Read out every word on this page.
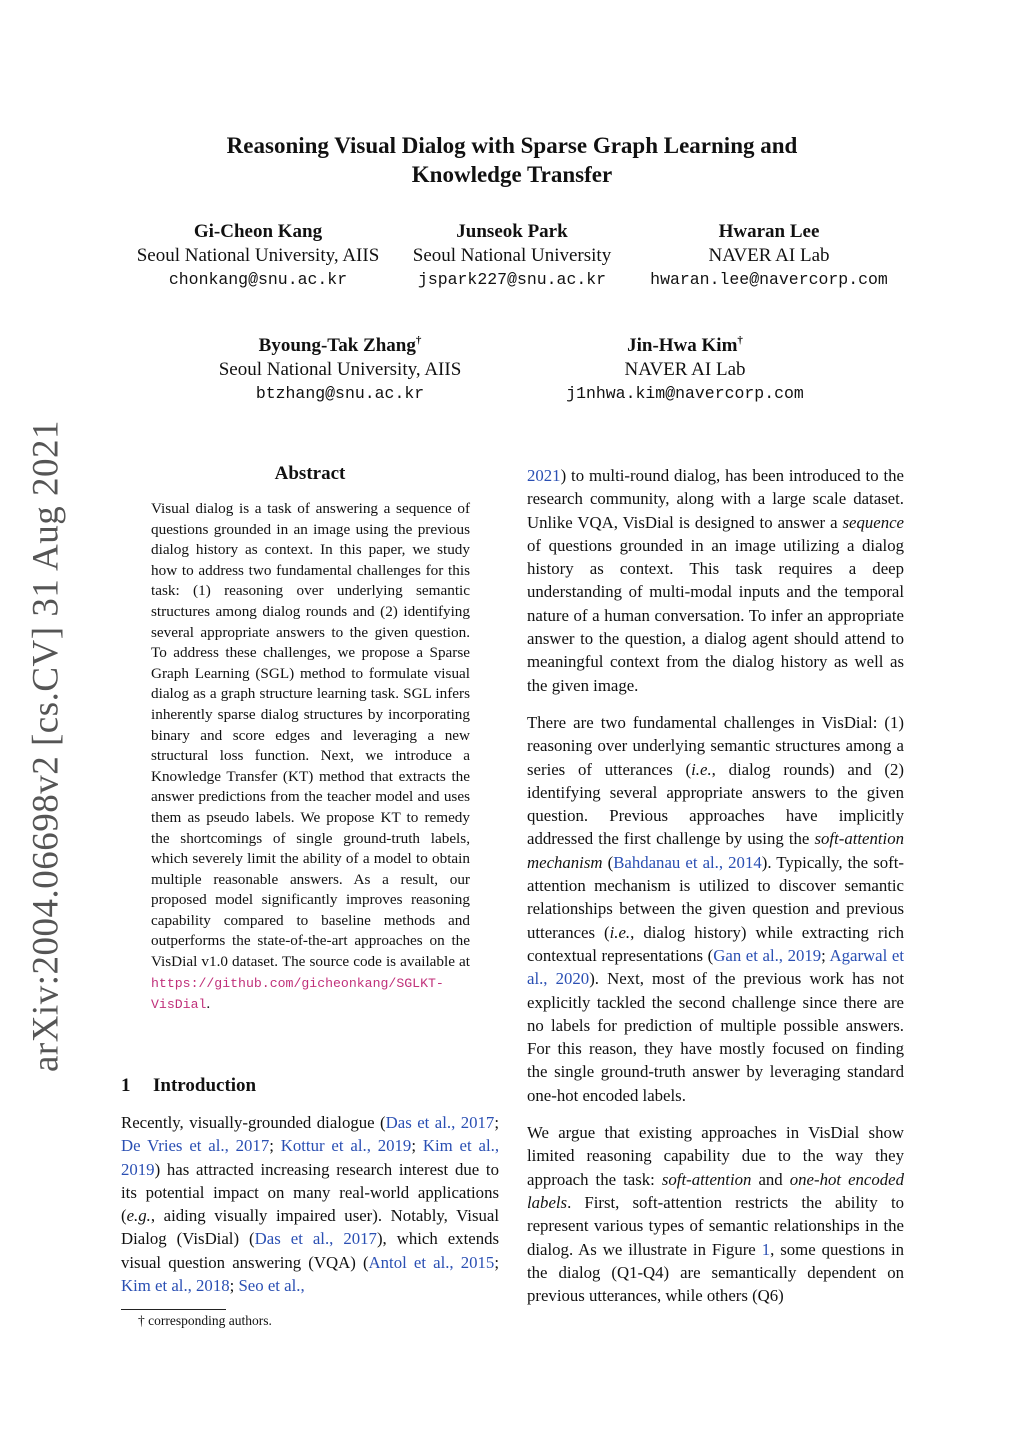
Reasoning Visual Dialog with Sparse Graph Learning and
Knowledge Transfer
Gi-Cheon Kang
Seoul National University, AIIS
chonkang@snu.ac.kr
Junseok Park
Seoul National University
jspark227@snu.ac.kr
Hwaran Lee
NAVER AI Lab
hwaran.lee@navercorp.com
Byoung-Tak Zhang†
Seoul National University, AIIS
btzhang@snu.ac.kr
Jin-Hwa Kim†
NAVER AI Lab
j1nhwa.kim@navercorp.com
arXiv:2004.06698v2 [cs.CV] 31 Aug 2021	Abstract
Visual dialog is a task of answering a sequence of questions grounded in an image using the previous dialog history as context. In this paper, we study how to address two fundamental challenges for this task: (1) reasoning over underlying semantic structures among dialog rounds and (2) identifying several appropriate answers to the given question. To address these challenges, we propose a Sparse Graph Learning (SGL) method to formulate visual dialog as a graph structure learning task. SGL infers inherently sparse dialog structures by incorporating binary and score edges and leveraging a new structural loss function. Next, we introduce a Knowledge Transfer (KT) method that extracts the answer predictions from the teacher model and uses them as pseudo labels. We propose KT to remedy the shortcomings of single ground-truth labels, which severely limit the ability of a model to obtain multiple reasonable answers. As a result, our proposed model significantly improves reasoning capability compared to baseline methods and outperforms the state-of-the-art approaches on the VisDial v1.0 dataset. The source code is available at https://github.com/gicheonkang/SGLKT-VisDial.
1 Introduction
Recently, visually-grounded dialogue (Das et al., 2017; De Vries et al., 2017; Kottur et al., 2019; Kim et al., 2019) has attracted increasing research interest due to its potential impact on many real-world applications (e.g., aiding visually impaired user). Notably, Visual Dialog (VisDial) (Das et al., 2017), which extends visual question answering (VQA) (Antol et al., 2015; Kim et al., 2018; Seo et al.,
† corresponding authors.

2021) to multi-round dialog, has been introduced to the research community, along with a large scale dataset. Unlike VQA, VisDial is designed to answer a sequence of questions grounded in an image utilizing a dialog history as context. This task requires a deep understanding of multi-modal inputs and the temporal nature of a human conversation. To infer an appropriate answer to the question, a dialog agent should attend to meaningful context from the dialog history as well as the given image.

There are two fundamental challenges in VisDial: (1) reasoning over underlying semantic structures among a series of utterances (i.e., dialog rounds) and (2) identifying several appropriate answers to the given question. Previous approaches have implicitly addressed the first challenge by using the soft-attention mechanism (Bahdanau et al., 2014). Typically, the soft-attention mechanism is utilized to discover semantic relationships between the given question and previous utterances (i.e., dialog history) while extracting rich contextual representations (Gan et al., 2019; Agarwal et al., 2020). Next, most of the previous work has not explicitly tackled the second challenge since there are no labels for prediction of multiple possible answers. For this reason, they have mostly focused on finding the single ground-truth answer by leveraging standard one-hot encoded labels.

We argue that existing approaches in VisDial show limited reasoning capability due to the way they approach the task: soft-attention and one-hot encoded labels. First, soft-attention restricts the ability to represent various types of semantic relationships in the dialog. As we illustrate in Figure 1, some questions in the dialog (Q1-Q4) are semantically dependent on previous utterances, while others (Q6)
